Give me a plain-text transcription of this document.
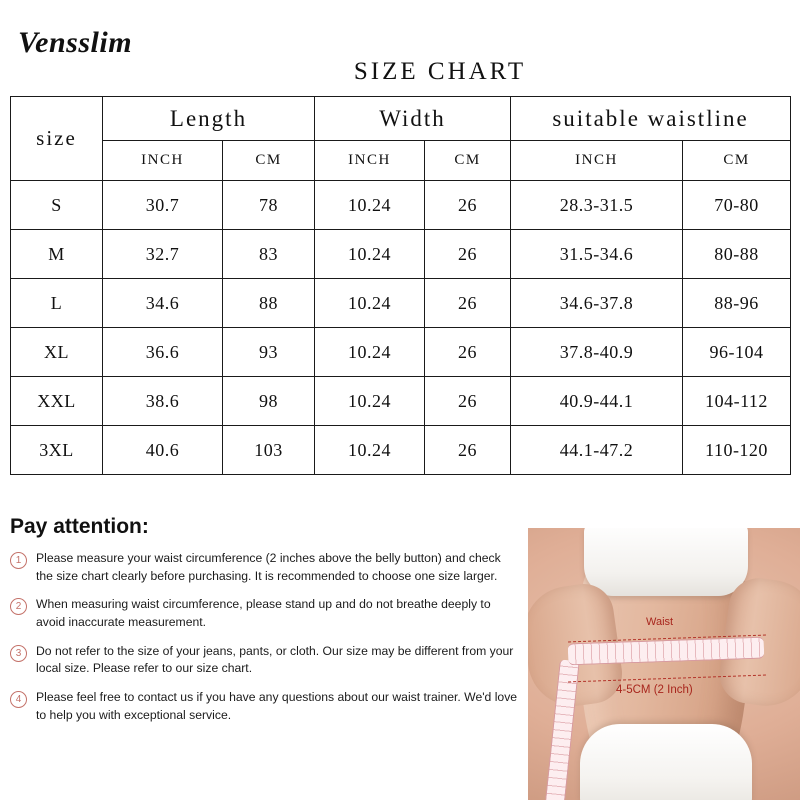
Vensslim
SIZE CHART
size	Length		Width		suitable waistline	
	INCH	CM	INCH	CM	INCH	CM
S	30.7	78	10.24	26	28.3-31.5	70-80
M	32.7	83	10.24	26	31.5-34.6	80-88
L	34.6	88	10.24	26	34.6-37.8	88-96
XL	36.6	93	10.24	26	37.8-40.9	96-104
XXL	38.6	98	10.24	26	40.9-44.1	104-112
3XL	40.6	103	10.24	26	44.1-47.2	110-120
Pay attention:
1	Please measure your waist circumference (2 inches above the belly button) and check the size chart clearly before purchasing. It is recommended to choose one size larger.
2	When measuring waist circumference, please stand up and do not breathe deeply to avoid inaccurate measurement.
3	Do not refer to the size of your jeans, pants, or cloth. Our size may be different from your local size. Please refer to our size chart.
4	Please feel free to contact us if you have any questions about our waist trainer. We'd love to help you with exceptional service.
Waist
4-5CM (2 Inch)
